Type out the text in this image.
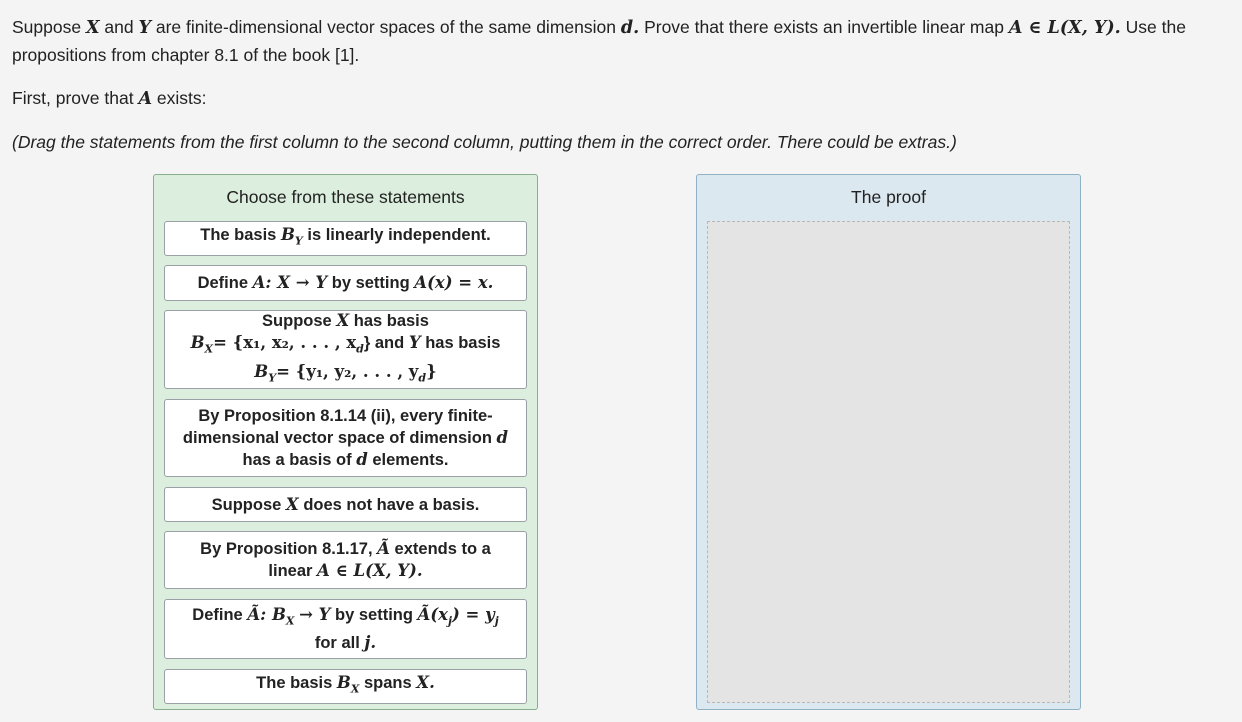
Suppose X and Y are finite-dimensional vector spaces of the same dimension d. Prove that there exists an invertible linear map A ∈ L(X, Y). Use the propositions from chapter 8.1 of the book [1].

First, prove that A exists:

(Drag the statements from the first column to the second column, putting them in the correct order. There could be extras.)

Choose from these statements
The basis $B_Y$ is linearly independent.
Define A: X → Y by setting A(x) = x.
Suppose X has basis
$B_X= \{x_1$, x₂, . . . , $x_d$} and Y has basis
$B_Y= \{y_1$, y₂, . . . , $y_d$}
By Proposition 8.1.14 (ii), every finite-dimensional vector space of dimension d has a basis of d elements.
Suppose X does not have a basis.
By Proposition 8.1.17, Ã extends to a linear A ∈ L(X, Y).
Define Ã: $B_X \to Y$ by setting $Ã(x_j) = y_j$
for all j.
The basis $B_X$ spans X.
The proof
